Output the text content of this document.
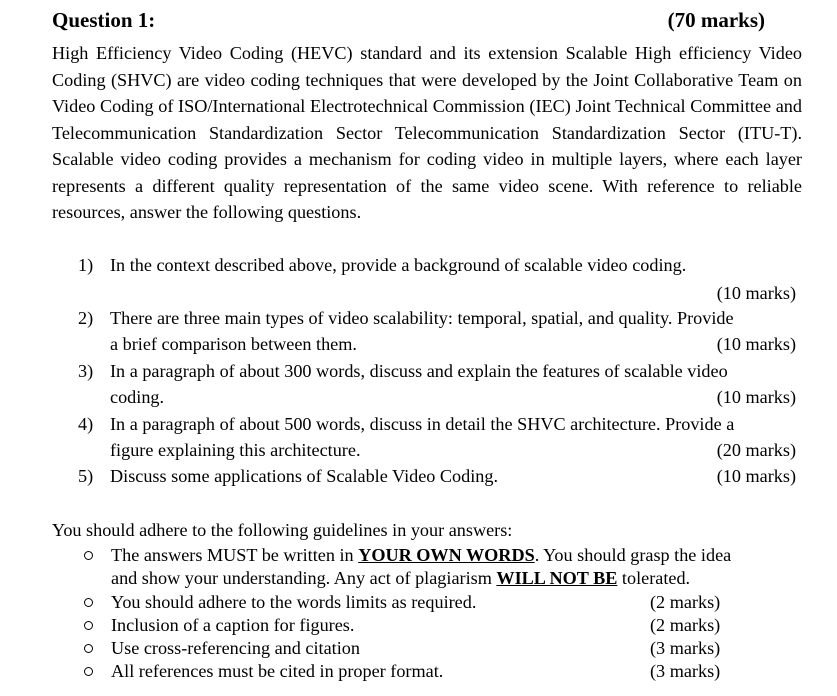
Question 1:	(70 marks)
High Efficiency Video Coding (HEVC) standard and its extension Scalable High efficiency Video Coding (SHVC) are video coding techniques that were developed by the Joint Collaborative Team on Video Coding of ISO/International Electrotechnical Commission (IEC) Joint Technical Committee and Telecommunication Standardization Sector Telecommunication Standardization Sector (ITU-T). Scalable video coding provides a mechanism for coding video in multiple layers, where each layer represents a different quality representation of the same video scene. With reference to reliable resources, answer the following questions.
1) In the context described above, provide a background of scalable video coding.
(10 marks)
2) There are three main types of video scalability: temporal, spatial, and quality. Provide
a brief comparison between them.	(10 marks)
3) In a paragraph of about 300 words, discuss and explain the features of scalable video
coding.	(10 marks)
4) In a paragraph of about 500 words, discuss in detail the SHVC architecture. Provide a
figure explaining this architecture.	(20 marks)
5) Discuss some applications of Scalable Video Coding.	(10 marks)
You should adhere to the following guidelines in your answers:
The answers MUST be written in YOUR OWN WORDS. You should grasp the idea
and show your understanding. Any act of plagiarism WILL NOT BE tolerated.
You should adhere to the words limits as required.	(2 marks)
Inclusion of a caption for figures.	(2 marks)
Use cross-referencing and citation	(3 marks)
All references must be cited in proper format.	(3 marks)
